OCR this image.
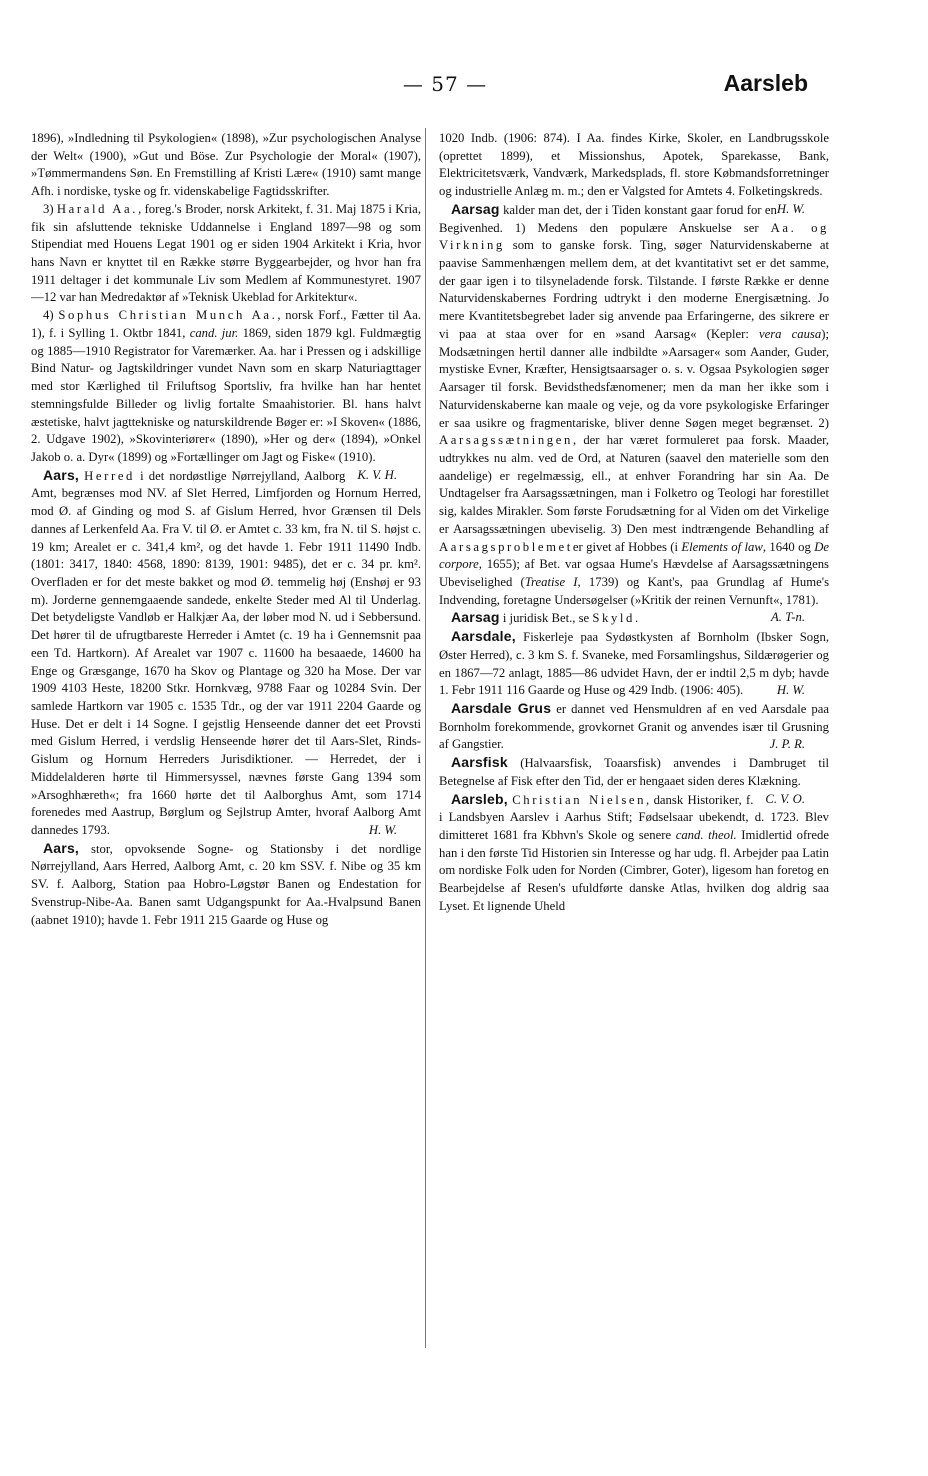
— 57 —	Aarsleb

1896), »Indledning til Psykologien« (1898), »Zur psychologischen Analyse der Welt« (1900), »Gut und Böse. Zur Psychologie der Moral« (1907), »Tømmermandens Søn. En Fremstilling af Kristi Lære« (1910) samt mange Afh. i nordiske, tyske og fr. videnskabelige Fagtidsskrifter.

3) Harald Aa., foreg.'s Broder, norsk Arkitekt, f. 31. Maj 1875 i Kria, fik sin afsluttende tekniske Uddannelse i England 1897—98 og som Stipendiat med Houens Legat 1901 og er siden 1904 Arkitekt i Kria, hvor hans Navn er knyttet til en Række større Byggearbejder, og hvor han fra 1911 deltager i det kommunale Liv som Medlem af Kommunestyret. 1907—12 var han Medredaktør af »Teknisk Ukeblad for Arkitektur«.

4) Sophus Christian Munch Aa., norsk Forf., Fætter til Aa. 1), f. i Sylling 1. Oktbr 1841, cand. jur. 1869, siden 1879 kgl. Fuldmægtig og 1885—1910 Registrator for Varemærker. Aa. har i Pressen og i adskillige Bind Natur- og Jagtskildringer vundet Navn som en skarp Naturiagttager med stor Kærlighed til Friluftsog Sportsliv, fra hvilke han har hentet stemningsfulde Billeder og livlig fortalte Smaahistorier. Bl. hans halvt æstetiske, halvt jagttekniske og naturskildrende Bøger er: »I Skoven« (1886, 2. Udgave 1902), »Skovinteriører« (1890), »Her og der« (1894), »Onkel Jakob o. a. Dyr« (1899) og »Fortællinger om Jagt og Fiske« (1910).
K. V. H.

Aars, Herred i det nordøstlige Nørrejylland, Aalborg Amt, begrænses mod NV. af Slet Herred, Limfjorden og Hornum Herred, mod Ø. af Ginding og mod S. af Gislum Herred, hvor Grænsen til Dels dannes af Lerkenfeld Aa. Fra V. til Ø. er Amtet c. 33 km, fra N. til S. højst c. 19 km; Arealet er c. 341,4 km², og det havde 1. Febr 1911 11490 Indb. (1801: 3417, 1840: 4568, 1890: 8139, 1901: 9485), det er c. 34 pr. km². Overfladen er for det meste bakket og mod Ø. temmelig høj (Enshøj er 93 m). Jorderne gennemgaaende sandede, enkelte Steder med Al til Underlag. Det betydeligste Vandløb er Halkjær Aa, der løber mod N. ud i Sebbersund. Det hører til de ufrugtbareste Herreder i Amtet (c. 19 ha i Gennemsnit paa een Td. Hartkorn). Af Arealet var 1907 c. 11600 ha besaaede, 14600 ha Enge og Græsgange, 1670 ha Skov og Plantage og 320 ha Mose. Der var 1909 4103 Heste, 18200 Stkr. Hornkvæg, 9788 Faar og 10284 Svin. Der samlede Hartkorn var 1905 c. 1535 Tdr., og der var 1911 2204 Gaarde og Huse. Det er delt i 14 Sogne. I gejstlig Henseende danner det eet Provsti med Gislum Herred, i verdslig Henseende hører det til Aars-Slet, Rinds-Gislum og Hornum Herreders Jurisdiktioner. — Herredet, der i Middelalderen hørte til Himmersyssel, nævnes første Gang 1394 som »Arsoghhæreth«; fra 1660 hørte det til Aalborghus Amt, som 1714 forenedes med Aastrup, Børglum og Sejlstrup Amter, hvoraf Aalborg Amt dannedes 1793.	H. W.

Aars, stor, opvoksende Sogne- og Stationsby i det nordlige Nørrejylland, Aars Herred, Aalborg Amt, c. 20 km SSV. f. Nibe og 35 km SV. f. Aalborg, Station paa Hobro-Løgstør Banen og Endestation for Svenstrup-Nibe-Aa. Banen samt Udgangspunkt for Aa.-Hvalpsund Banen (aabnet 1910); havde 1. Febr 1911 215 Gaarde og Huse og

1020 Indb. (1906: 874). I Aa. findes Kirke, Skoler, en Landbrugsskole (oprettet 1899), et Missionshus, Apotek, Sparekasse, Bank, Elektricitetsværk, Vandværk, Markedsplads, fl. store Købmandsforretninger og industrielle Anlæg m. m.; den er Valgsted for Amtets 4. Folketingskreds.
H. W.

Aarsag kalder man det, der i Tiden konstant gaar forud for en Begivenhed. 1) Medens den populære Anskuelse ser Aa. og Virkning som to ganske forsk. Ting, søger Naturvidenskaberne at paavise Sammenhængen mellem dem, at det kvantitativt set er det samme, der gaar igen i to tilsyneladende forsk. Tilstande. I første Række er denne Naturvidenskabernes Fordring udtrykt i den moderne Energisætning. Jo mere Kvantitetsbegrebet lader sig anvende paa Erfaringerne, des sikrere er vi paa at staa over for en »sand Aarsag« (Kepler: vera causa); Modsætningen hertil danner alle indbildte »Aarsager« som Aander, Guder, mystiske Evner, Kræfter, Hensigtsaarsager o. s. v. Ogsaa Psykologien søger Aarsager til forsk. Bevidsthedsfænomener; men da man her ikke som i Naturvidenskaberne kan maale og veje, og da vore psykologiske Erfaringer er saa usikre og fragmentariske, bliver denne Søgen meget begrænset. 2) Aarsagssætningen, der har været formuleret paa forsk. Maader, udtrykkes nu alm. ved de Ord, at Naturen (saavel den materielle som den aandelige) er regelmæssig, ell., at enhver Forandring har sin Aa. De Undtagelser fra Aarsagssætningen, man i Folketro og Teologi har forestillet sig, kaldes Mirakler. Som første Forudsætning for al Viden om det Virkelige er Aarsagssætningen ubeviselig. 3) Den mest indtrængende Behandling af Aarsagsproblemeter givet af Hobbes (i Elements of law, 1640 og De corpore, 1655); af Bet. var ogsaa Hume's Hævdelse af Aarsagssætningens Ubeviselighed (Treatise I, 1739) og Kant's, paa Grundlag af Hume's Indvending, foretagne Undersøgelser (»Kritik der reinen Vernunft«, 1781).
A. T-n.

Aarsag i juridisk Bet., se Skyld.

Aarsdale, Fiskerleje paa Sydøstkysten af Bornholm (Ibsker Sogn, Øster Herred), c. 3 km S. f. Svaneke, med Forsamlingshus, Sildærøgerier og en 1867—72 anlagt, 1885—86 udvidet Havn, der er indtil 2,5 m dyb; havde 1. Febr 1911 116 Gaarde og Huse og 429 Indb. (1906: 405).	H. W.

Aarsdale Grus er dannet ved Hensmuldren af en ved Aarsdale paa Bornholm forekommende, grovkornet Granit og anvendes især til Grusning af Gangstier.	J. P. R.

Aarsfisk (Halvaarsfisk, Toaarsfisk) anvendes i Dambruget til Betegnelse af Fisk efter den Tid, der er hengaaet siden deres Klækning.
C. V. O.

Aarsleb, Christian Nielsen, dansk Historiker, f. i Landsbyen Aarslev i Aarhus Stift; Fødselsaar ubekendt, d. 1723. Blev dimitteret 1681 fra Kbhvn's Skole og senere cand. theol. Imidlertid ofrede han i den første Tid Historien sin Interesse og har udg. fl. Arbejder paa Latin om nordiske Folk uden for Norden (Cimbrer, Goter), ligesom han foretog en Bearbejdelse af Resen's ufuldførte danske Atlas, hvilken dog aldrig saa Lyset. Et lignende Uheld
